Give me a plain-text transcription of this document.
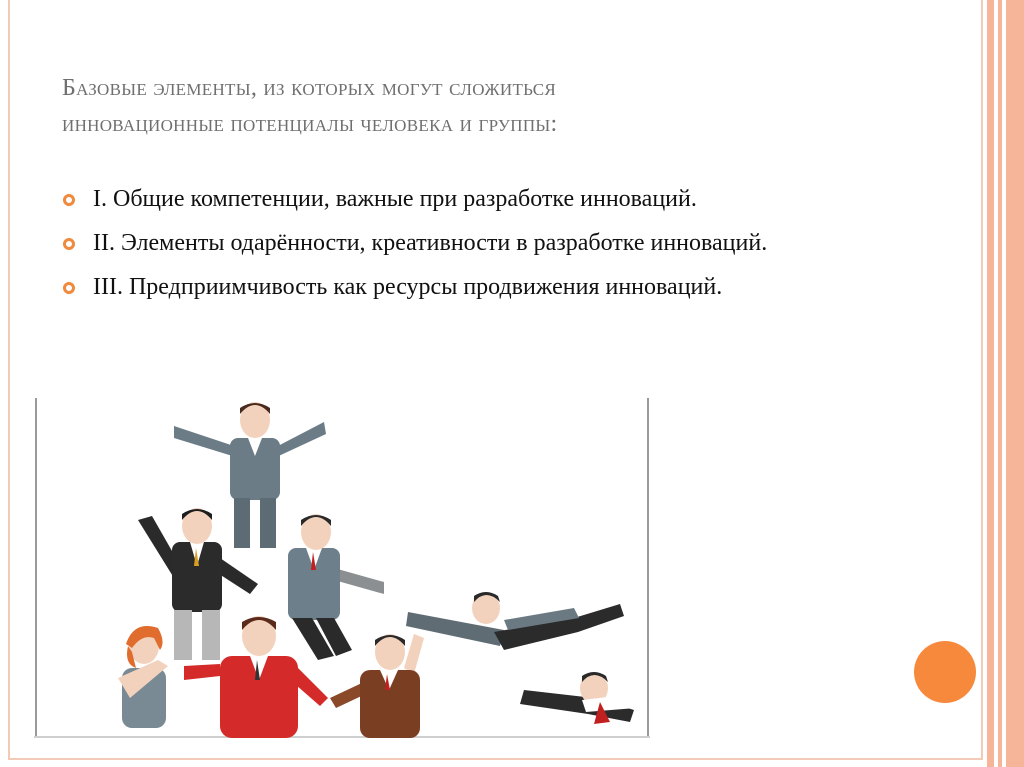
Базовые элементы, из которых могут сложиться
инновационные потенциалы человека и группы:
I. Общие компетенции, важные при разработке инноваций.
II. Элементы одарённости, креативности в разработке инноваций.
III. Предприимчивость как ресурсы продвижения инноваций.
